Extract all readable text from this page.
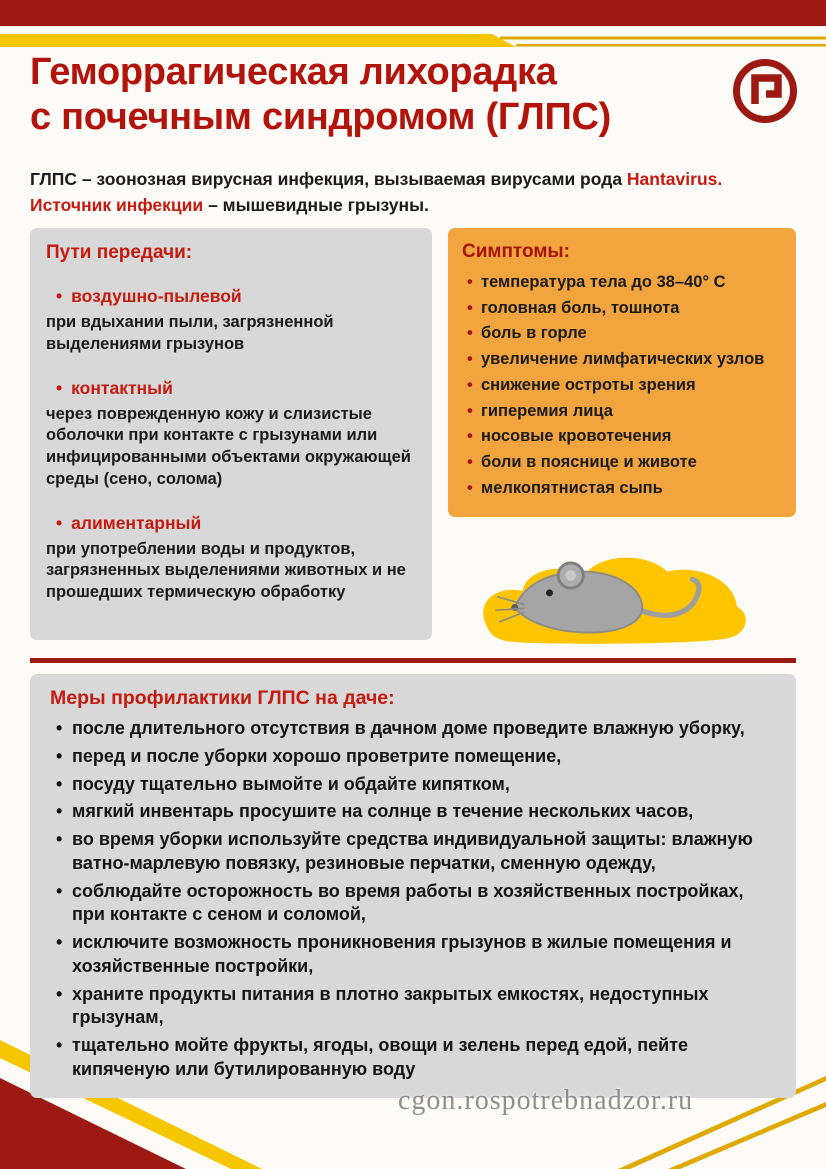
Геморрагическая лихорадка
с почечным синдромом (ГЛПС)

ГЛПС – зоонозная вирусная инфекция, вызываемая вирусами рода Hantavirus.
Источник инфекции – мышевидные грызуны.

Пути передачи:
•
воздушно-пылевой
при вдыхании пыли, загрязненной выделениями грызунов
•
контактный
через поврежденную кожу и слизистые оболочки при контакте с грызунами или инфицированными объектами окружающей среды (сено, солома)
•
алиментарный
при употреблении воды и продуктов, загрязненных выделениями животных и не прошедших термическую обработку
Симптомы:
• температура тела до 38–40° С
• головная боль, тошнота
• боль в горле
• увеличение лимфатических узлов
• снижение остроты зрения
• гиперемия лица
• носовые кровотечения
• боли в пояснице и животе
• мелкопятнистая сыпь
Меры профилактики ГЛПС на даче:
• после длительного отсутствия в дачном доме проведите влажную уборку,
• перед и после уборки хорошо проветрите помещение,
• посуду тщательно вымойте и обдайте кипятком,
• мягкий инвентарь просушите на солнце в течение нескольких часов,
• во время уборки используйте средства индивидуальной защиты: влажную ватно-марлевую повязку, резиновые перчатки, сменную одежду,
• соблюдайте осторожность во время работы в хозяйственных постройках, при контакте с сеном и соломой,
• исключите возможность проникновения грызунов в жилые помещения и хозяйственные постройки,
• храните продукты питания в плотно закрытых емкостях, недоступных грызунам,
• тщательно мойте фрукты, ягоды, овощи и зелень перед едой, пейте кипяченую или бутилированную воду
cgon.rospotrebnadzor.ru
